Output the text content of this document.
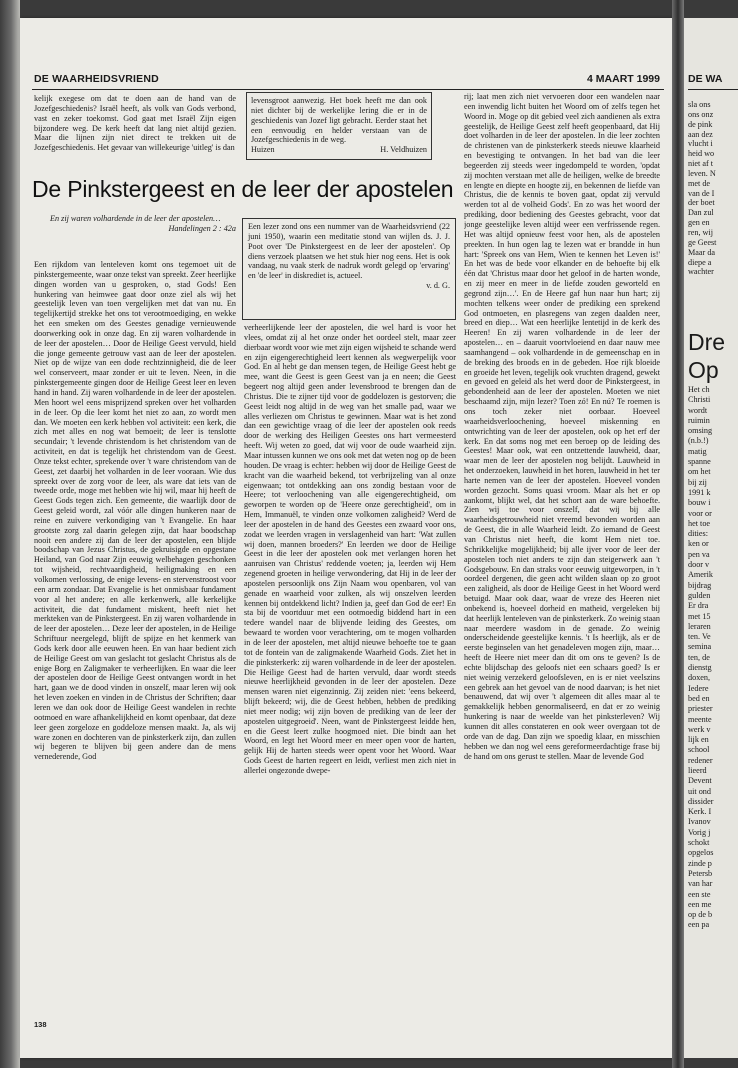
DE WAARHEIDSVRIEND	4 MAART 1999

kelijk exegese om dat te doen aan de hand van de Jozefgeschiedenis? Israël heeft, als volk van Gods verbond, vast en zeker toekomst. God gaat met Israël Zijn eigen bijzondere weg. De kerk heeft dat lang niet altijd gezien. Maar die lijnen zijn niet direct te trekken uit de Jozefgeschiedenis. Het gevaar van willekeurige 'uitleg' is dan

levensgroot aanwezig. Het boek heeft me dan ook niet dichter bij de werkelijke lering die er in de geschiedenis van Jozef ligt gebracht. Eerder staat het een eenvoudig en helder verstaan van de Jozefgeschiedenis in de weg.

Huizen	H. Veldhuizen
De Pinkstergeest en de leer der apostelen
En zij waren volhardende in de leer der apostelen…
Handelingen 2 : 42a Een lezer zond ons een nummer van de Waarheidsvriend (22 juni 1950), waarin een meditatie stond van wijlen ds. J. J. Poot over 'De Pinkstergeest en de leer der apostelen'. Op diens verzoek plaatsen we het stuk hier nog eens. Het is ook vandaag, nu vaak sterk de nadruk wordt gelegd op 'ervaring' en 'de leer' in diskrediet is, actueel.

v. d. G.

Een rijkdom van lenteleven komt ons tegemoet uit de pinkstergemeente, waar onze tekst van spreekt. Zeer heerlijke dingen worden van u gesproken, o, stad Gods! Een hunkering van heimwee gaat door onze ziel als wij het geestelijk leven van toen vergelijken met dat van nu. En tegelijkertijd strekke het ons tot verootmoediging, en wekke het een smeken om des Geestes genadige vernieuwende doorwerking ook in onze dag. En zij waren volhardende in de leer der apostelen… Door de Heilige Geest vervuld, hield die jonge gemeente getrouw vast aan de leer der apostelen. Niet op de wijze van een dode rechtzinnigheid, die de leer wel conserveert, maar zonder er uit te leven. Neen, in die pinkstergemeente gingen door de Heilige Geest leer en leven hand in hand. Zij waren volhardende in de leer der apostelen. Men hoort wel eens misprijzend spreken over het volharden in de leer. Op die leer komt het niet zo aan, zo wordt men dan. We moeten een kerk hebben vol activiteit: een kerk, die zich met alles en nog wat bemoeit; de leer is tenslotte secundair; 't levende christendom is het christendom van de activiteit, en dat is tegelijk het christendom van de Geest. Onze tekst echter, sprekende over 't ware christendom van de Geest, zet daarbij het volharden in de leer vooraan. Wie dus spreekt over de zorg voor de leer, als ware dat iets van de tweede orde, moge met hebben wie hij wil, maar hij heeft de Geest Gods tegen zich. Een gemeente, die waarlijk door de Geest geleid wordt, zal vóór alle dingen hunkeren naar de reine en zuivere verkondiging van 't Evangelie. En haar grootste zorg zal daarin gelegen zijn, dat haar boodschap nooit een andere zij dan de leer der apostelen, een blijde boodschap van Jezus Christus, de gekruisigde en opgestane Heiland, van God naar Zijn eeuwig welbehagen geschonken tot wijsheid, rechtvaardigheid, heiligmaking en een volkomen verlossing, de enige levens- en stervenstroost voor een arm zondaar. Dat Evangelie is het onmisbaar fundament voor al het andere; en alle kerkenwerk, alle kerkelijke activiteit, die dat fundament miskent, heeft niet het merkteken van de Pinkstergeest. En zij waren volhardende in de leer der apostelen… Deze leer der apostelen, in de Heilige Schriftuur neergelegd, blijft de spijze en het kenmerk van Gods kerk door alle eeuwen heen. En van haar bedient zich de Heilige Geest om van geslacht tot geslacht Christus als de enige Borg en Zaligmaker te verheerlijken. En waar die leer der apostelen door de Heilige Geest ontvangen wordt in het hart, gaan we de dood vinden in onszelf, maar leren wij ook het leven zoeken en vinden in de Christus der Schriften; daar leren we dan ook door de Heilige Geest wandelen in rechte ootmoed en ware afhankelijkheid en komt openbaar, dat deze leer geen zorgeloze en goddeloze mensen maakt. Ja, als wij ware zonen en dochteren van de pinksterkerk zijn, dan zullen wij begeren te blijven bij geen andere dan de mens vernederende, God

verheerlijkende leer der apostelen, die wel hard is voor het vlees, omdat zij al het onze onder het oordeel stelt, maar zeer dierbaar wordt voor wie met zijn eigen wijsheid te schande werd en zijn eigengerechtigheid leert kennen als wegwerpelijk voor God. En al hebt ge dan mensen tegen, de Heilige Geest hebt ge mee, want die Geest is geen Geest van ja en neen; die Geest begeert nog altijd geen ander levensbrood te brengen dan de Christus. Die te zijner tijd voor de goddelozen is gestorven; die Geest leidt nog altijd in de weg van het smalle pad, waar we alles verliezen om Christus te gewinnen. Maar wat is het zond dan een gewichtige vraag of die leer der apostelen ook reeds door de werking des Heiligen Geestes ons hart vermeesterd heeft. Wij weten zo goed, dat wij voor de oude waarheid zijn. Maar intussen kunnen we ons ook met dat weten nog op de been houden. De vraag is echter: hebben wij door de Heilige Geest de kracht van die waarheid bekend, tot verbrijzeling van al onze eigenwaan; tot ontdekking aan ons zondig bestaan voor de Heere; tot verloochening van alle eigengerechtigheid, om geworpen te worden op de 'Heere onze gerechtigheid', om in Hem, Immanuël, te vinden onze volkomen zaligheid? Werd de leer der apostelen in de hand des Geestes een zwaard voor ons, zodat we leerden vragen in verslagenheid van hart: 'Wat zullen wij doen, mannen broeders?' En leerden we door de Heilige Geest in die leer der apostelen ook met verlangen horen het aanruisen van Christus' reddende voeten; ja, leerden wij Hem zegenend groeten in heilige verwondering, dat Hij in de leer der apostelen persoonlijk ons Zijn Naam wou openbaren, vol van genade en waarheid voor zulken, als wij onszelven leerden kennen bij ontdekkend licht? Indien ja, geef dan God de eer! En sta bij de voortduur met een ootmoedig biddend hart in een tedere wandel naar de blijvende leiding des Geestes, om bewaard te worden voor verachtering, om te mogen volharden in de leer der apostelen, met altijd nieuwe behoefte toe te gaan tot de fontein van de zaligmakende Waarheid Gods. Ziet het in die pinksterkerk: zij waren volhardende in de leer der apostelen. Die Heilige Geest had de harten vervuld, daar wordt steeds nieuwe heerlijkheid gevonden in de leer der apostelen. Deze mensen waren niet eigenzinnig. Zij zeiden niet: 'eens bekeerd, blijft bekeerd; wij, die de Geest hebben, hebben de prediking niet meer nodig; wij zijn boven de prediking van de leer der apostelen uitgegroeid'. Neen, want de Pinkstergeest leidde hen, en die Geest leert zulke hoogmoed niet. Die bindt aan het Woord, en legt het Woord meer en meer open voor de harten, gelijk Hij de harten steeds weer opent voor het Woord. Waar Gods Geest de harten regeert en leidt, verliest men zich niet in allerlei ongezonde dwepe-

rij; laat men zich niet vervoeren door een wandelen naar een inwendig licht buiten het Woord om of zelfs tegen het Woord in. Moge op dit gebied veel zich aandienen als extra geestelijk, de Heilige Geest zelf heeft geopenbaard, dat Hij doet volharden in de leer der apostelen. In die leer zochten de christenen van de pinksterkerk steeds nieuwe klaarheid en bevestiging te ontvangen. In het bad van die leer begeerden zij steeds weer ingedompeld te worden, 'opdat zij mochten verstaan met alle de heiligen, welke de breedte en lengte en diepte en hoogte zij, en bekennen de liefde van Christus, die de kennis te boven gaat, opdat zij vervuld werden tot al de volheid Gods'. En zo was het woord der prediking, door bediening des Geestes gebracht, voor dat jonge geestelijke leven altijd weer een verfrissende regen. Het was altijd opnieuw feest voor hen, als de apostelen preekten. In hun ogen lag te lezen wat er brandde in hun hart: 'Spreek ons van Hem, Wien te kennen het Leven is!' En het was de bede voor elkander en de behoefte bij elk één dat 'Christus maar door het geloof in de harten wonde, en zij meer en meer in de liefde zouden geworteld en gegrond zijn…'. En de Heere gaf hun naar hun hart; zij mochten telkens weer onder de prediking een sprekend God ontmoeten, en plasregens van zegen daalden neer, breed en diep… Wat een heerlijke lentetijd in de kerk des Heeren! En zij waren volhardende in de leer der apostelen… en – daaruit voortvloeiend en daar nauw mee saamhangend – ook volhardende in de gemeenschap en in de breking des broods en in de gebeden. Hoe rijk bloeide en groeide het leven, tegelijk ook vruchten dragend, gewekt en gevoed en geleid als het werd door de Pinkstergeest, in gebondenheid aan de leer der apostelen. Moeten we niet beschaamd zijn, mijn lezer? Toen zó! En nú? Te roemen is ons toch zeker niet oorbaar. Hoeveel waarheidsverloochening, hoeveel miskenning en ontwrichting van de leer der apostelen, ook op het erf der kerk. En dat soms nog met een beroep op de leiding des Geestes! Maar ook, wat een ontzettende lauwheid, daar, waar men de leer der apostelen nog belijdt. Lauwheid in het onderzoeken, lauwheid in het horen, lauwheid in het ter harte nemen van de leer der apostelen. Hoeveel vonden worden gezocht. Soms quasi vroom. Maar als het er op aankomt, blijkt wel, dat het schort aan de ware behoefte. Zien wij toe voor onszelf, dat wij bij alle waarheidsgetrouwheid niet vreemd bevonden worden aan de Geest, die in alle Waarheid leidt. Zo iemand de Geest van Christus niet heeft, die komt Hem niet toe. Schrikkelijke mogelijkheid; bij alle ijver voor de leer der apostelen toch niet anders te zijn dan steigerwerk aan 't Godsgebouw. En dan straks voor eeuwig uitgeworpen, in 't oordeel dergenen, die geen acht wilden slaan op zo groot een zaligheid, als door de Heilige Geest in het Woord werd betuigd. Maar ook daar, waar de vreze des Heeren niet onbekend is, hoeveel dorheid en matheid, vergeleken bij dat heerlijk lenteleven van de pinksterkerk. Zo weinig staan naar meerdere wasdom in de genade. Zo weinig onderscheidende geestelijke kennis. 't Is heerlijk, als er de eerste beginselen van het genadeleven mogen zijn, maar… heeft de Heere niet meer dan dit om ons te geven? Is de echte blijdschap des geloofs niet een schaars goed? Is er niet weinig verzekerd geloofsleven, en is er niet veelszins een gebrek aan het gevoel van de nood daarvan; is het niet benauwend, dat wij over 't algemeen dit alles maar al te gemakkelijk hebben genormaliseerd, en dat er zo weinig hunkering is naar de weelde van het pinksterleven? Wij kunnen dit alles constateren en ook weer overgaan tot de orde van de dag. Dan zijn we spoedig klaar, en misschien hebben we dan nog wel eens gereformeerdachtige frase bij de hand om ons gerust te stellen. Maar de levende God

138
DE WA
sla ons
ons onz
de pink
aan dez
vlucht i
heid wo
niet af t
leven. N
met de
van de I
der boet
Dan zul
gen en
ren, wij
ge Geest
Maar da
diepe a
wachter
Dre
Op
Het ch
Christi
wordt
ruimin
omsing
(n.b.!)
matig
spanne
om het
bij zij
1991 k
bouw i
voor or
het toe
dities:
ken or
pen va
door v
Amerik
bijdrag
gulden
Er dra
met 15
leraren
ten. Ve
semina
ten, de
dienstg
doxen,
Iedere
bed en
priester
meente
werk v
lijk en
school
redener
lieerd
Devent
uit ond
dissider
Kerk. I
Ivanov
Vorig j
schokt
opgelos
zinde p
Petersb
van har
een ste
een me
op de b
een pa
